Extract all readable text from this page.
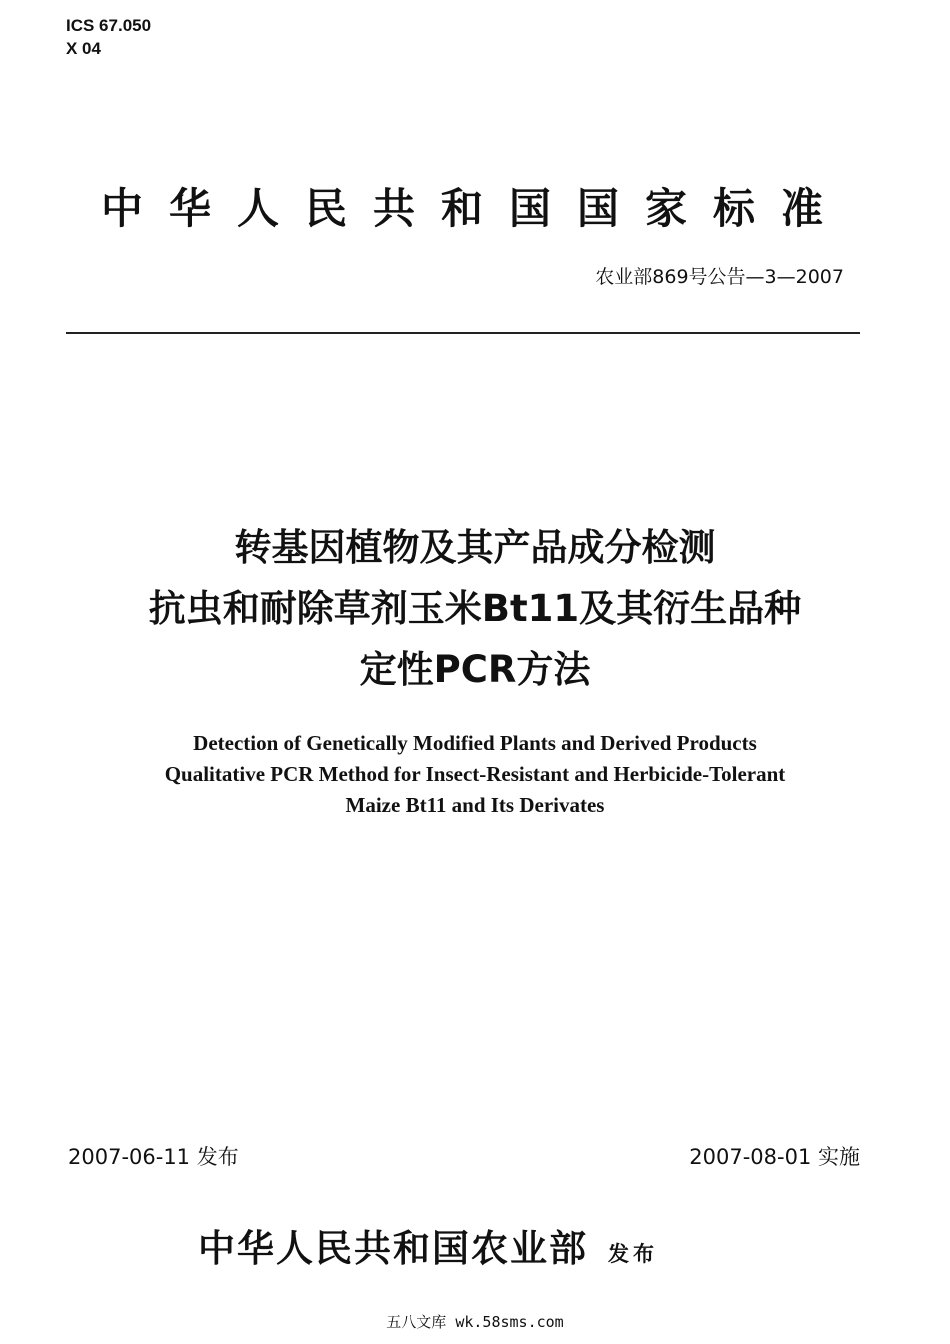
ICS 67.050
X 04
中华人民共和国国家标准
农业部869号公告—3—2007
转基因植物及其产品成分检测
抗虫和耐除草剂玉米Bt11及其衍生品种
定性PCR方法
Detection of Genetically Modified Plants and Derived Products
Qualitative PCR Method for Insect-Resistant and Herbicide-Tolerant
Maize Bt11 and Its Derivates
2007-06-11 发布	2007-08-01 实施
中华人民共和国农业部 发布
五八文库 wk.58sms.com
